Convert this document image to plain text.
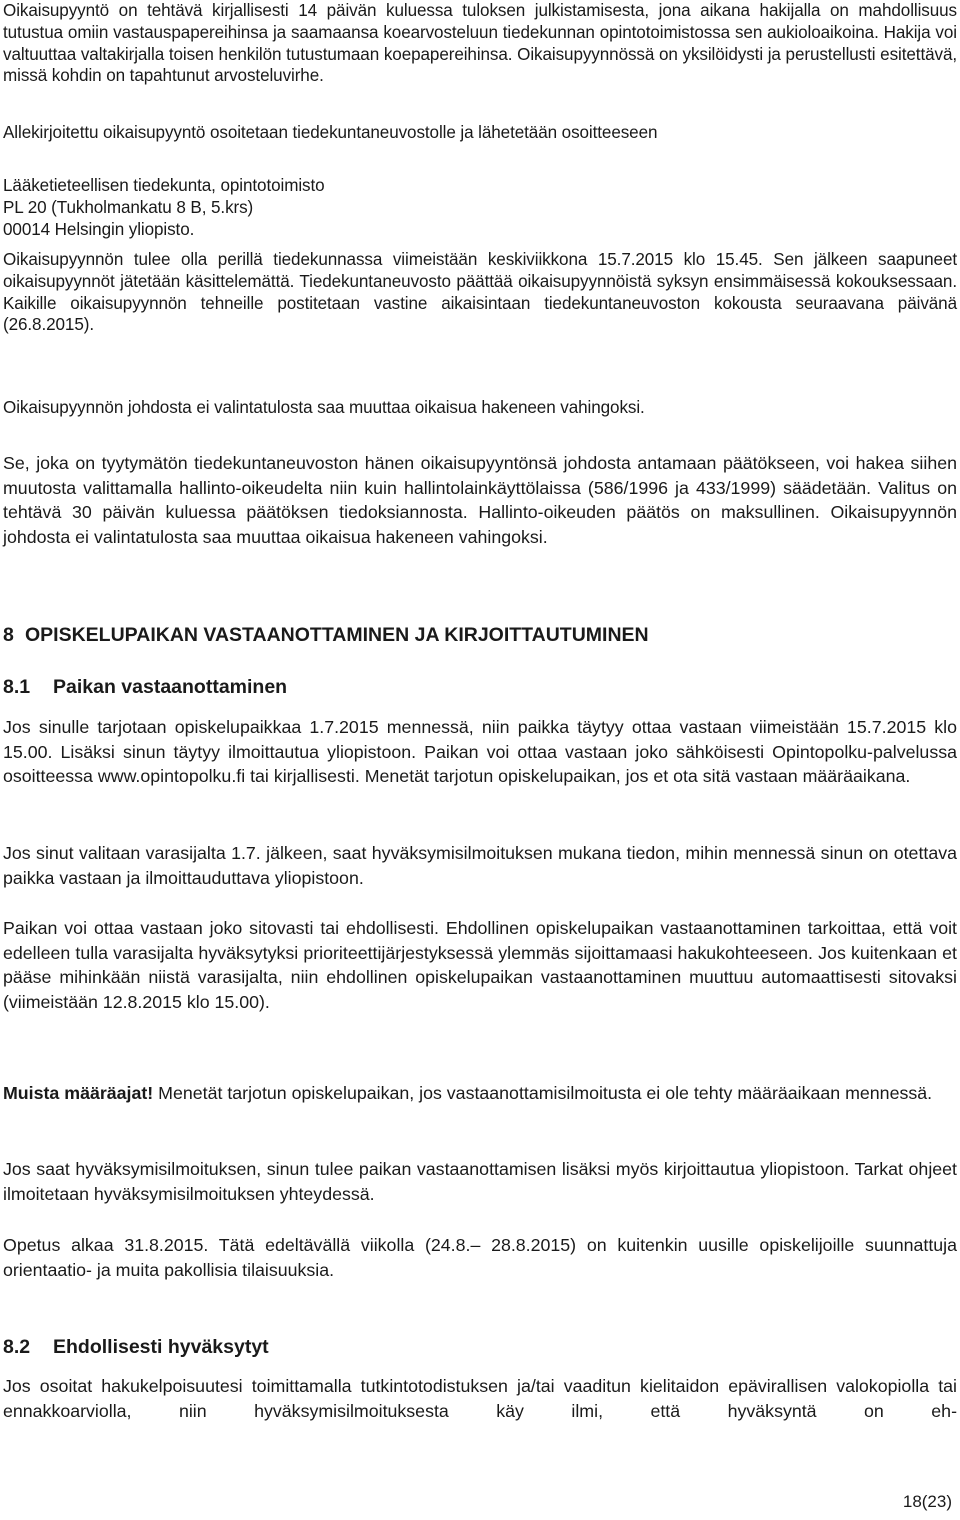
Oikaisupyyntö on tehtävä kirjallisesti 14 päivän kuluessa tuloksen julkistamisesta, jona aikana hakijalla on mahdollisuus tutustua omiin vastauspapereihinsa ja saamaansa koearvosteluun tiedekunnan opintotoimistossa sen aukioloaikoina. Hakija voi valtuuttaa valtakirjalla toisen henkilön tutustumaan koepapereihinsa. Oikaisupyynnössä on yksilöidysti ja perustellusti esitettävä, missä kohdin on tapahtunut arvosteluvirhe.

Allekirjoitettu oikaisupyyntö osoitetaan tiedekuntaneuvostolle ja lähetetään osoitteeseen

Lääketieteellisen tiedekunta, opintotoimisto
PL 20 (Tukholmankatu 8 B, 5.krs)
00014 Helsingin yliopisto.

Oikaisupyynnön tulee olla perillä tiedekunnassa viimeistään keskiviikkona 15.7.2015 klo 15.45. Sen jälkeen saapuneet oikaisupyynnöt jätetään käsittelemättä. Tiedekuntaneuvosto päättää oikaisupyynnöistä syksyn ensimmäisessä kokouksessaan. Kaikille oikaisupyynnön tehneille postitetaan vastine aikaisintaan tiedekuntaneuvoston kokousta seuraavana päivänä (26.8.2015).

Oikaisupyynnön johdosta ei valintatulosta saa muuttaa oikaisua hakeneen vahingoksi.

Se, joka on tyytymätön tiedekuntaneuvoston hänen oikaisupyyntönsä johdosta antamaan päätökseen, voi hakea siihen muutosta valittamalla hallinto-oikeudelta niin kuin hallintolainkäyttölaissa (586/1996 ja 433/1999) säädetään. Valitus on tehtävä 30 päivän kuluessa päätöksen tiedoksiannosta. Hallinto-oikeuden päätös on maksullinen. Oikaisupyynnön johdosta ei valintatulosta saa muuttaa oikaisua hakeneen vahingoksi.

8 OPISKELUPAIKAN VASTAANOTTAMINEN JA KIRJOITTAUTUMINEN
8.1 Paikan vastaanottaminen

Jos sinulle tarjotaan opiskelupaikkaa 1.7.2015 mennessä, niin paikka täytyy ottaa vastaan viimeistään 15.7.2015 klo 15.00. Lisäksi sinun täytyy ilmoittautua yliopistoon. Paikan voi ottaa vastaan joko sähköisesti Opintopolku-palvelussa osoitteessa www.opintopolku.fi tai kirjallisesti. Menetät tarjotun opiskelupaikan, jos et ota sitä vastaan määräaikana.

Jos sinut valitaan varasijalta 1.7. jälkeen, saat hyväksymisilmoituksen mukana tiedon, mihin mennessä sinun on otettava paikka vastaan ja ilmoittauduttava yliopistoon.

Paikan voi ottaa vastaan joko sitovasti tai ehdollisesti. Ehdollinen opiskelupaikan vastaanottaminen tarkoittaa, että voit edelleen tulla varasijalta hyväksytyksi prioriteettijärjestyksessä ylemmäs sijoittamaasi hakukohteeseen. Jos kuitenkaan et pääse mihinkään niistä varasijalta, niin ehdollinen opiskelupaikan vastaanottaminen muuttuu automaattisesti sitovaksi (viimeistään 12.8.2015 klo 15.00).

Muista määräajat! Menetät tarjotun opiskelupaikan, jos vastaanottamisilmoitusta ei ole tehty määräaikaan mennessä.

Jos saat hyväksymisilmoituksen, sinun tulee paikan vastaanottamisen lisäksi myös kirjoittautua yliopistoon. Tarkat ohjeet ilmoitetaan hyväksymisilmoituksen yhteydessä.

Opetus alkaa 31.8.2015. Tätä edeltävällä viikolla (24.8.– 28.8.2015) on kuitenkin uusille opiskelijoille suunnattuja orientaatio- ja muita pakollisia tilaisuuksia.

8.2 Ehdollisesti hyväksytyt

Jos osoitat hakukelpoisuutesi toimittamalla tutkintotodistuksen ja/tai vaaditun kielitaidon epävirallisen valokopiolla tai ennakkoarviolla, niin hyväksymisilmoituksesta käy ilmi, että hyväksyntä on eh-

18(23)
